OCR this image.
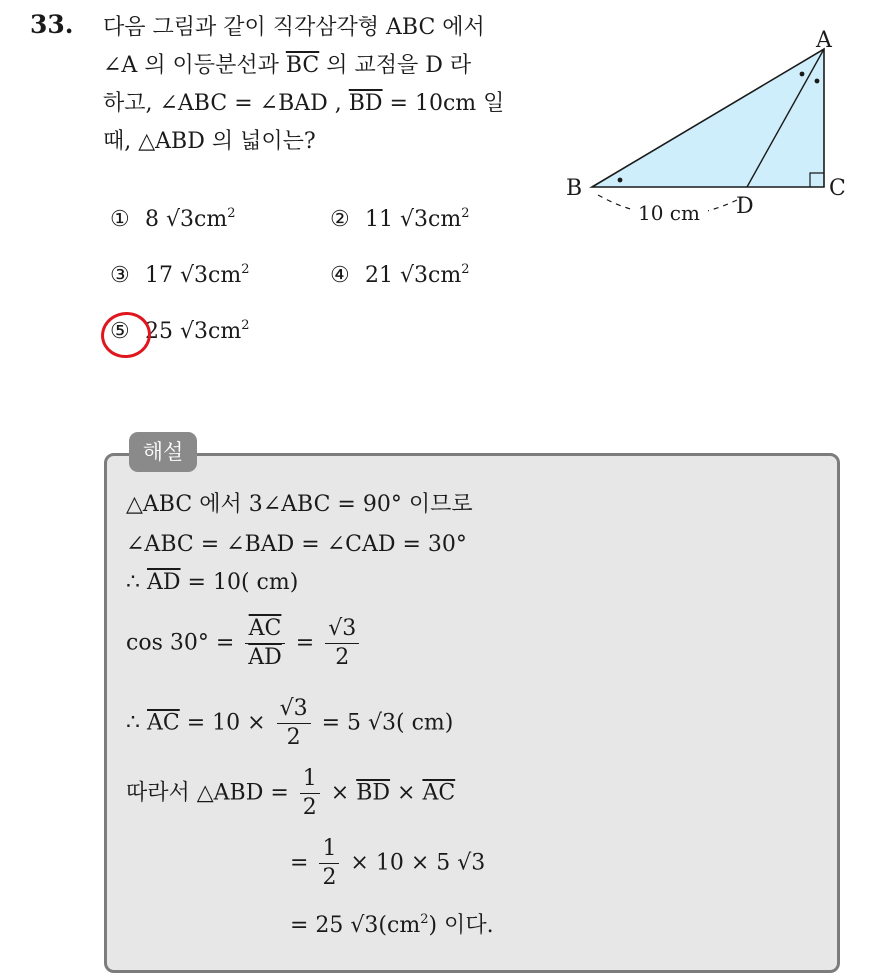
33. 다음 그림과 같이 직각삼각형 ABC 에서
∠A 의 이등분선과 $\overline{BC}$ 의 교점을 D 라
하고, ∠ABC = ∠BAD , $\overline{BD} = 10cm$ 일
때, △ABD 의 넓이는?
A
B	C
D
10 cm
① 8 $√3cm^2$	② 11 $√3cm^2$
③ 17 $√3cm^2$	④ 21 $√3cm^2$
⑤ 25 $√3cm^2$
해설
△ABC 에서 3∠ABC = 90° 이므로
∠ABC = ∠BAD = ∠CAD = 30°
∴ $\overline{AD} = 10$( cm)
$\cos 30^\circ = \frac{\overline{AC}}{AD} = \frac{√3}{2}$
∴ $\overline{AC} = 10 \times \frac{√3}{2} = 5$ √3( cm)
따라서 △ABD = $\frac{1}{2} \times \overline{BD} \times \overline{AC}$
= $\frac{1}{2} \times 10 \times 5$ √3
= 25 $√3(cm^2)$ 이다.
